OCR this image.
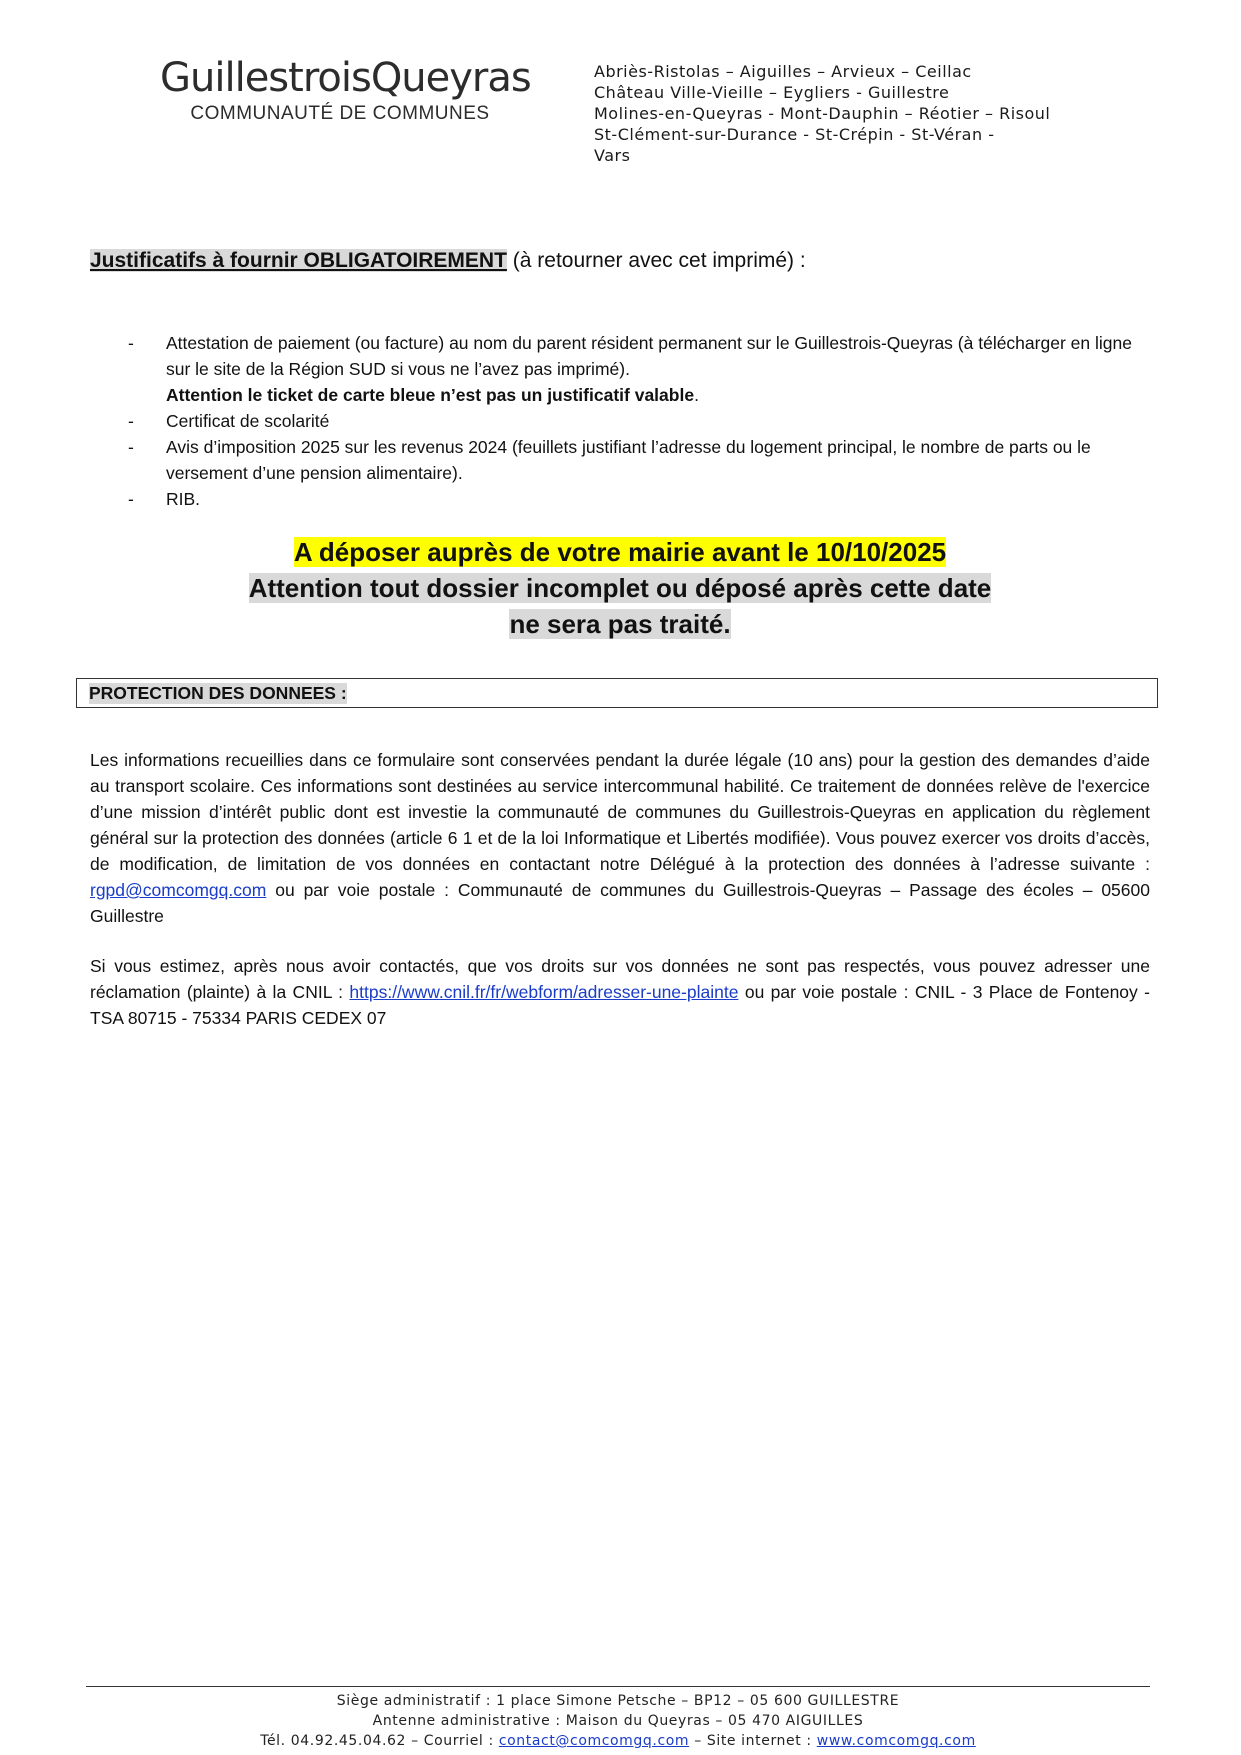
GuillestroisQueyras
COMMUNAUTÉ DE COMMUNES
Abriès-Ristolas – Aiguilles – Arvieux – Ceillac
Château Ville-Vieille – Eygliers - Guillestre
Molines-en-Queyras - Mont-Dauphin – Réotier – Risoul
St-Clément-sur-Durance - St-Crépin - St-Véran -
Vars
Justificatifs à fournir OBLIGATOIREMENT (à retourner avec cet imprimé) :
- Attestation de paiement (ou facture) au nom du parent résident permanent sur le Guillestrois-Queyras (à télécharger en ligne sur le site de la Région SUD si vous ne l’avez pas imprimé).
Attention le ticket de carte bleue n’est pas un justificatif valable.
- Certificat de scolarité
- Avis d’imposition 2025 sur les revenus 2024 (feuillets justifiant l’adresse du logement principal, le nombre de parts ou le versement d’une pension alimentaire).
- RIB.
A déposer auprès de votre mairie avant le 10/10/2025
Attention tout dossier incomplet ou déposé après cette date
ne sera pas traité.
PROTECTION DES DONNEES :
Les informations recueillies dans ce formulaire sont conservées pendant la durée légale (10 ans) pour la gestion des demandes d’aide au transport scolaire. Ces informations sont destinées au service intercommunal habilité. Ce traitement de données relève de l'exercice d’une mission d’intérêt public dont est investie la communauté de communes du Guillestrois-Queyras en application du règlement général sur la protection des données (article 6 1 et de la loi Informatique et Libertés modifiée). Vous pouvez exercer vos droits d’accès, de modification, de limitation de vos données en contactant notre Délégué à la protection des données à l’adresse suivante : rgpd@comcomgq.com ou par voie postale : Communauté de communes du Guillestrois-Queyras – Passage des écoles – 05600 Guillestre
Si vous estimez, après nous avoir contactés, que vos droits sur vos données ne sont pas respectés, vous pouvez adresser une réclamation (plainte) à la CNIL : https://www.cnil.fr/fr/webform/adresser-une-plainte ou par voie postale : CNIL - 3 Place de Fontenoy - TSA 80715 - 75334 PARIS CEDEX 07
Siège administratif : 1 place Simone Petsche – BP12 – 05 600 GUILLESTRE
Antenne administrative : Maison du Queyras – 05 470 AIGUILLES
Tél. 04.92.45.04.62 – Courriel : contact@comcomgq.com – Site internet : www.comcomgq.com
